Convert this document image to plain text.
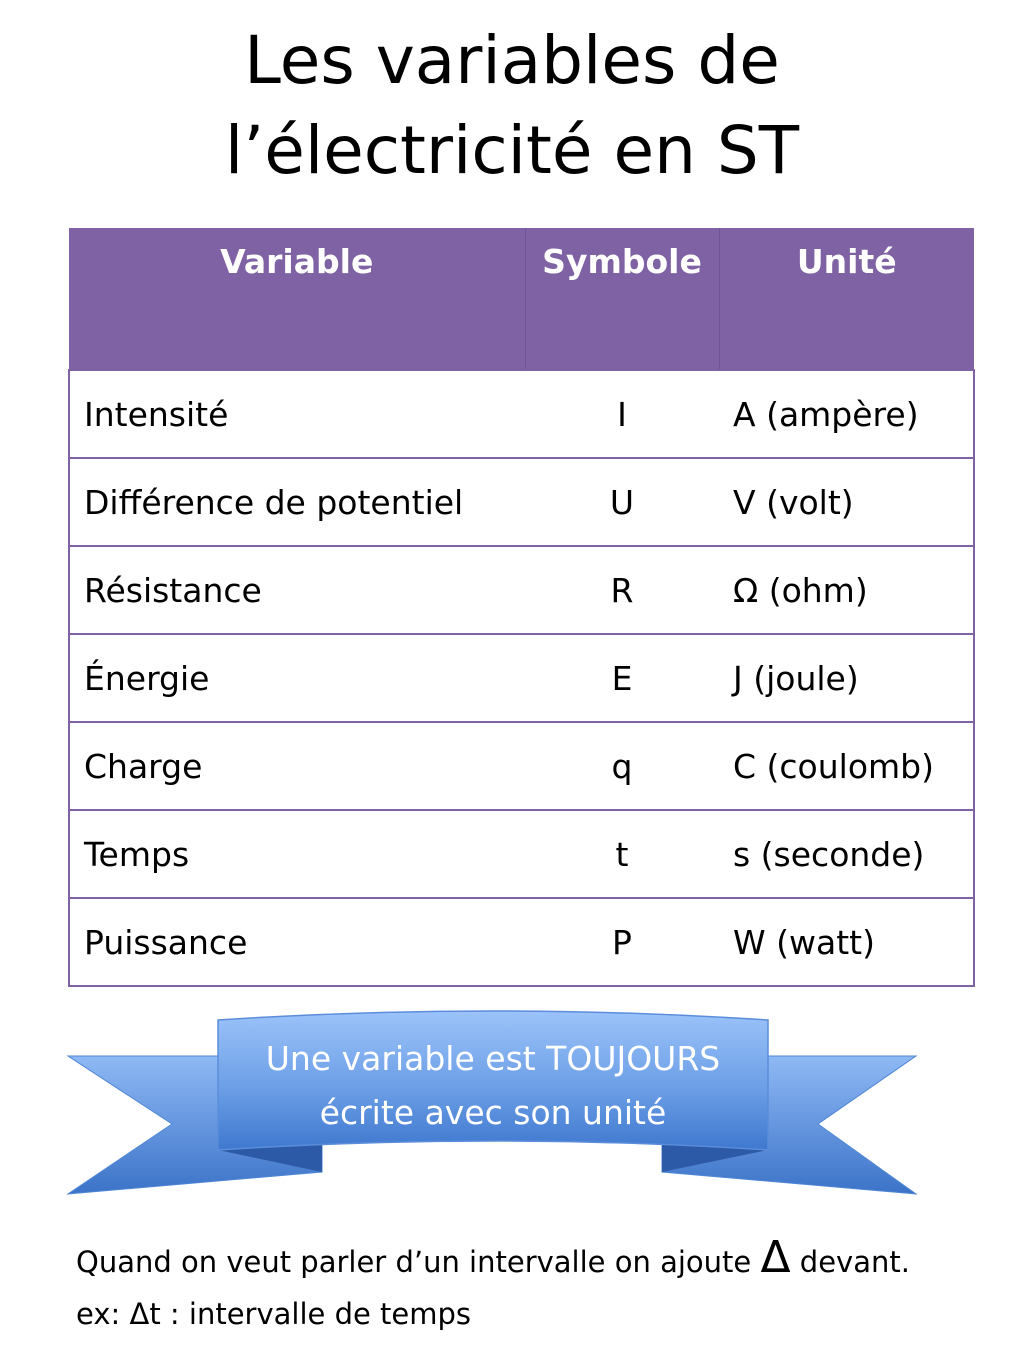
Les variables de
l’électricité en ST
Variable	Symbole	Unité
Intensité	I	A (ampère)
Différence de potentiel	U	V (volt)
Résistance	R	Ω (ohm)
Énergie	E	J (joule)
Charge	q	C (coulomb)
Temps	t	s (seconde)
Puissance	P	W (watt)
Une variable est TOUJOURS
écrite avec son unité
Quand on veut parler d’un intervalle on ajoute Δ devant.
ex: Δt : intervalle de temps
